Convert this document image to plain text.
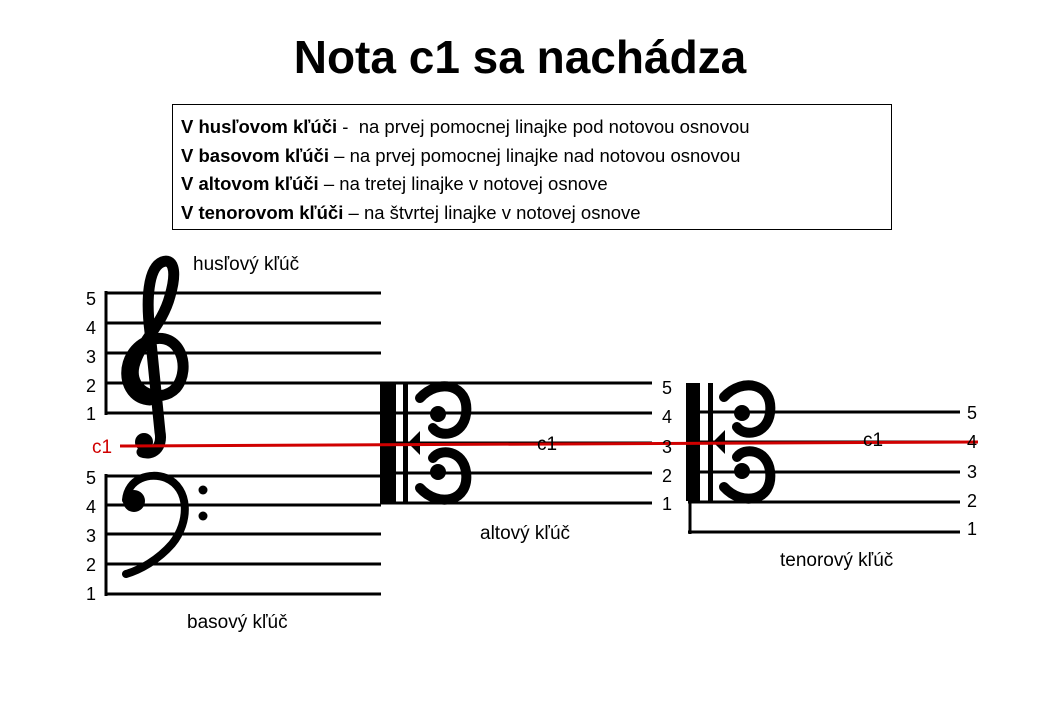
Nota c1 sa nachádza
V husľovom kľúči -  na prvej pomocnej linajke pod notovou osnovou
V basovom kľúči – na prvej pomocnej linajke nad notovou osnovou
V altovom kľúči – na tretej linajke v notovej osnove
V tenorovom kľúči – na štvrtej linajke v notovej osnove
husľový kľúč
basový kľúč
altový kľúč
tenorový kľúč
c1	c1	c1
5
4
3
2
1
5
4
3
2
1
5
4
3
2
1
5
4
3
2
1
